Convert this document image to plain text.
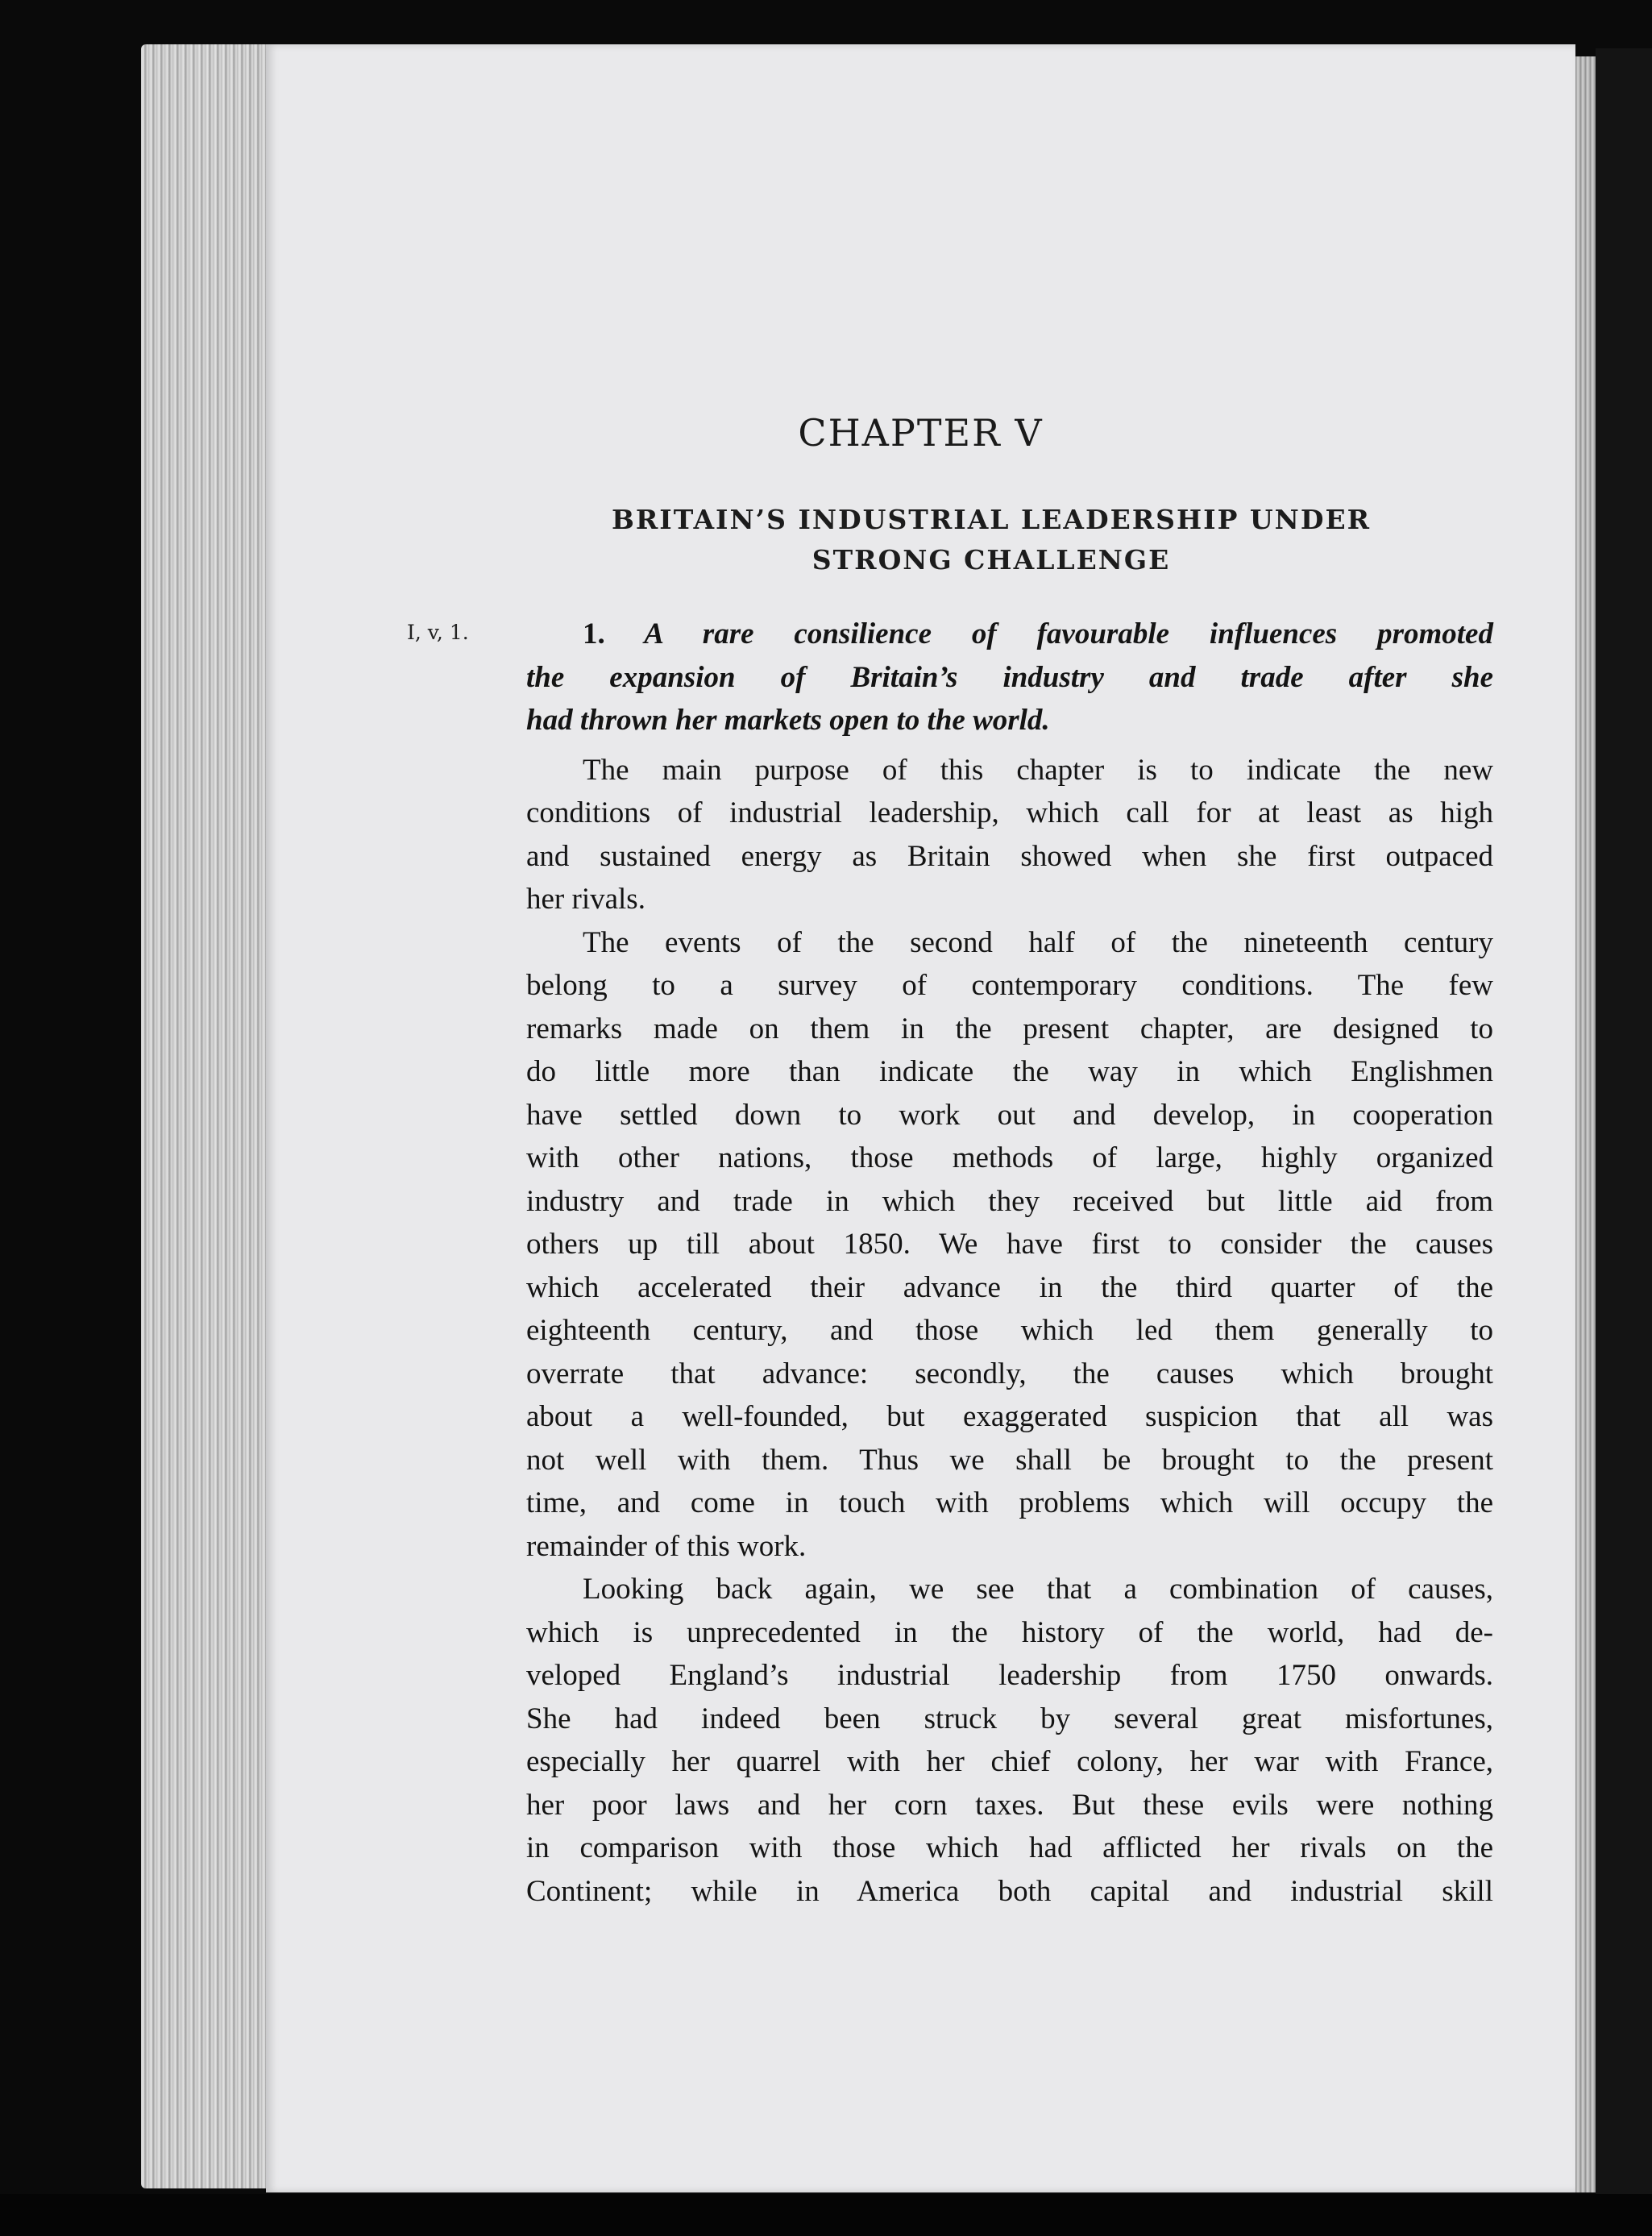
CHAPTER V
BRITAIN’S INDUSTRIAL LEADERSHIP UNDER
STRONG CHALLENGE
I, v, 1.	1. A rare consilience of favourable influences promoted
the expansion of Britain’s industry and trade after she
had thrown her markets open to the world.
The main purpose of this chapter is to indicate the new
conditions of industrial leadership, which call for at least as high
and sustained energy as Britain showed when she first outpaced
her rivals.
The events of the second half of the nineteenth century
belong to a survey of contemporary conditions. The few
remarks made on them in the present chapter, are designed to
do little more than indicate the way in which Englishmen
have settled down to work out and develop, in cooperation
with other nations, those methods of large, highly organized
industry and trade in which they received but little aid from
others up till about 1850. We have first to consider the causes
which accelerated their advance in the third quarter of the
eighteenth century, and those which led them generally to
overrate that advance: secondly, the causes which brought
about a well-founded, but exaggerated suspicion that all was
not well with them. Thus we shall be brought to the present
time, and come in touch with problems which will occupy the
remainder of this work.
Looking back again, we see that a combination of causes,
which is unprecedented in the history of the world, had de-
veloped England’s industrial leadership from 1750 onwards.
She had indeed been struck by several great misfortunes,
especially her quarrel with her chief colony, her war with France,
her poor laws and her corn taxes. But these evils were nothing
in comparison with those which had afflicted her rivals on the
Continent; while in America both capital and industrial skill
